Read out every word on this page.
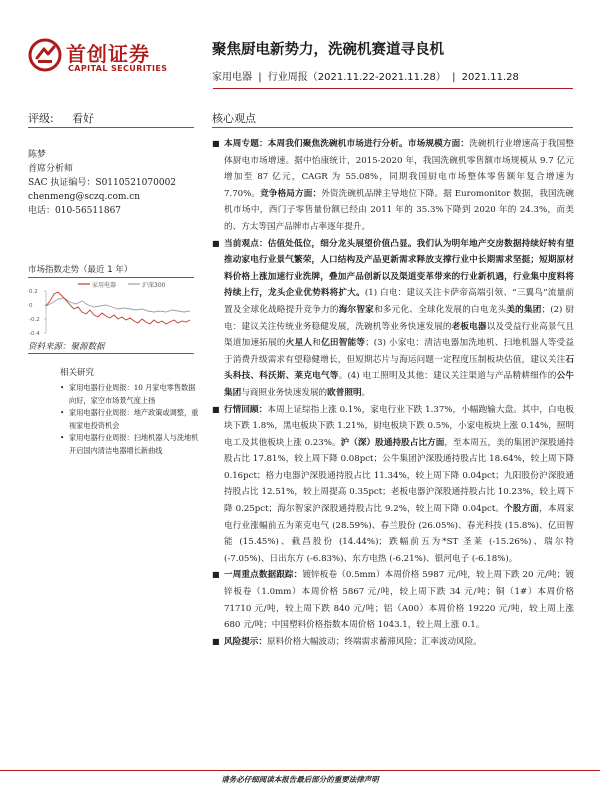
首创证券
CAPITAL SECURITIES
聚焦厨电新势力，洗碗机赛道寻良机
家用电器 | 行业周报（2021.11.22-2021.11.28） | 2021.11.28
评级: 看好	核心观点
陈梦
首席分析师
SAC 执证编号：S0110521070002
chenmeng@sczq.com.cn
电话：010-56511867
市场指数走势（最近 1 年）
家用电器	沪深300
0.2
0
-0.2
-0.4
资料来源：聚源数据
相关研究
• 家用电器行业周报：10 月家电零售数据向好，家空市场景气度上扬
• 家用电器行业周报：地产政策或调整，重视家电投资机会
• 家用电器行业周报：扫地机器人与洗地机开启国内清洁电器增长新曲线
■ 本周专题：本周我们聚焦洗碗机市场进行分析。市场规模方面：洗碗机行业增速高于我国整体厨电市场增速。据中怡康统计，2015-2020 年，我国洗碗机零售额市场规模从 9.7 亿元增加至 87 亿元，CAGR 为 55.08%，同期我国厨电市场整体零售额年复合增速为 7.70%。竞争格局方面：外资洗碗机品牌主导地位下降。据 Euromonitor 数据，我国洗碗机市场中，西门子零售量份额已经由 2011 年的 35.3%下降到 2020 年的 24.3%，而美的、方太等国产品牌市占率逐年提升。
■ 当前观点：估值处低位，细分龙头展望价值凸显。我们认为明年地产交房数据持续好转有望推动家电行业景气繁荣，人口结构及产品更新需求释放支撑行业中长期需求坚挺；短期原材料价格上涨加速行业洗牌，叠加产品创新以及渠道变革带来的行业新机遇，行业集中度料将持续上行，龙头企业优势料将扩大。(1) 白电：建议关注卡萨帝高端引领、“三翼鸟”流量前置及全球化战略提升竞争力的海尔智家和多元化、全球化发展的白电龙头美的集团；(2) 厨电：建议关注传统业务稳健发展，洗碗机等业务快速发展的老板电器以及受益行业高景气且渠道加速拓展的火星人和亿田智能等；(3) 小家电：清洁电器加洗地机、扫地机器人等受益于消费升级需求有望稳健增长，但短期芯片与海运问题一定程度压制板块估值，建议关注石头科技、科沃斯、莱克电气等。(4) 电工照明及其他：建议关注渠道与产品精耕细作的公牛集团与商照业务快速发展的欧普照明。
■ 行情回顾：本周上证综指上涨 0.1%，家电行业下跌 1.37%，小幅跑输大盘。其中，白电板块下跌 1.8%，黑电板块下跌 1.21%，厨电板块下跌 0.5%，小家电板块上涨 0.14%，照明电工及其他板块上涨 0.23%。沪（深）股通持股占比方面，至本周五，美的集团沪深股通持股占比 17.81%，较上周下降 0.08pct；公牛集团沪深股通持股占比 18.64%，较上周下降 0.16pct；格力电器沪深股通持股占比 11.34%，较上周下降 0.04pct；九阳股份沪深股通持股占比 12.51%，较上周提高 0.35pct；老板电器沪深股通持股占比 10.23%，较上周下降 0.25pct；海尔智家沪深股通持股占比 9.2%，较上周下降 0.04pct。个股方面，本周家电行业涨幅前五为莱克电气 (28.59%)、春兰股份 (26.05%)、春光科技 (15.8%)、亿田智能 (15.45%)、截昌股份 (14.44%)；跌幅前五为*ST 圣莱 (-15.26%)、瑞尔特 (-7.05%)、日出东方 (-6.83%)、东方电热 (-6.21%)、银河电子 (-6.18%)。
■ 一周重点数据跟踪：镀锌板卷（0.5mm）本周价格 5987 元/吨，较上周下跌 20 元/吨；镀锌板卷（1.0mm）本周价格 5867 元/吨，较上周下跌 34 元/吨；铜（1#）本周价格 71710 元/吨，较上周下跌 840 元/吨；铝（A00）本周价格 19220 元/吨，较上周上涨 680 元/吨；中国塑料价格指数本周价格 1043.1，较上周上涨 0.1。
■ 风险提示：原料价格大幅波动；终端需求蓄滞风险；汇率波动风险。
请务必仔细阅读本报告最后部分的重要法律声明
